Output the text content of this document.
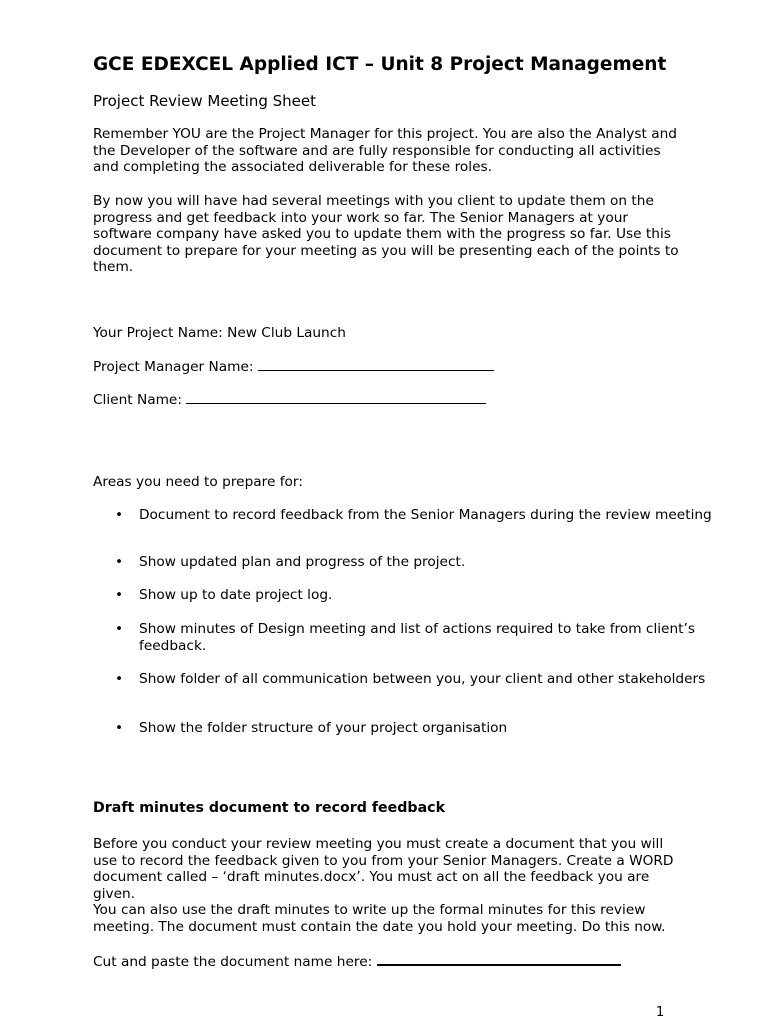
GCE EDEXCEL Applied ICT – Unit 8 Project Management
Project Review Meeting Sheet

Remember YOU are the Project Manager for this project. You are also the Analyst and the Developer of the software and are fully responsible for conducting all activities and completing the associated deliverable for these roles.

By now you will have had several meetings with you client to update them on the progress and get feedback into your work so far. The Senior Managers at your software company have asked you to update them with the progress so far. Use this document to prepare for your meeting as you will be presenting each of the points to them.

Your Project Name: New Club Launch
Project Manager Name:
Client Name:
Areas you need to prepare for:
• Document to record feedback from the Senior Managers during the review meeting
• Show updated plan and progress of the project.
• Show up to date project log.
• Show minutes of Design meeting and list of actions required to take from client’s feedback.
• Show folder of all communication between you, your client and other stakeholders
• Show the folder structure of your project organisation
Draft minutes document to record feedback

Before you conduct your review meeting you must create a document that you will use to record the feedback given to you from your Senior Managers. Create a WORD document called – ‘draft minutes.docx’. You must act on all the feedback you are given.

You can also use the draft minutes to write up the formal minutes for this review meeting. The document must contain the date you hold your meeting. Do this now.

Cut and paste the document name here:
1
